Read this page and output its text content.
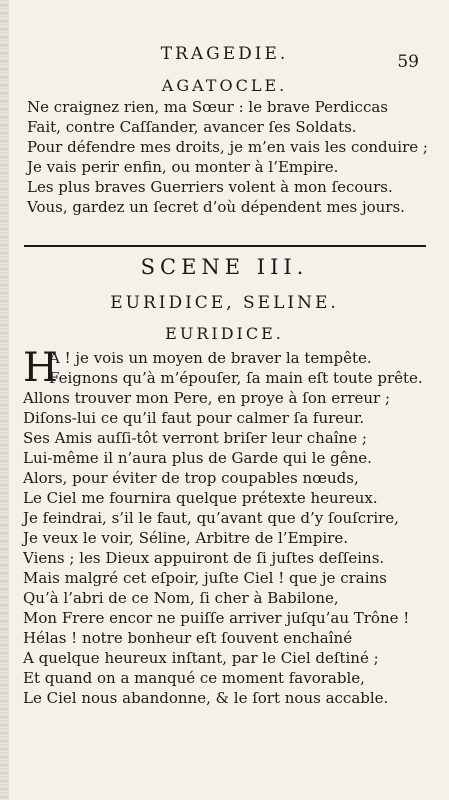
TRAGEDIE.	59
AGATOCLE.
Ne craignez rien, ma Sœur : le brave Perdiccas
Fait, contre Caſſander, avancer ſes Soldats.
Pour défendre mes droits, je m’en vais les conduire ;
Je vais perir enfin, ou monter à l’Empire.
Les plus braves Guerriers volent à mon ſecours.
Vous, gardez un ſecret d’où dépendent mes jours.
SCENE III.
EURIDICE, SELINE.
EURIDICE.
H
A ! je vois un moyen de braver la tempête.
Feignons qu’à m’épouſer, ſa main eſt toute prête.
Allons trouver mon Pere, en proye à ſon erreur ;
Diſons-lui ce qu’il faut pour calmer ſa fureur.
Ses Amis auſſi-tôt verront briſer leur chaîne ;
Lui-même il n’aura plus de Garde qui le gêne.
Alors, pour éviter de trop coupables nœuds,
Le Ciel me fournira quelque prétexte heureux.
Je feindrai, s’il le faut, qu’avant que d’y ſouſcrire,
Je veux le voir, Séline, Arbitre de l’Empire.
Viens ; les Dieux appuiront de ſi juſtes deſſeins.
Mais malgré cet eſpoir, juſte Ciel ! que je crains
Qu’à l’abri de ce Nom, ſi cher à Babilone,
Mon Frere encor ne puiſſe arriver juſqu’au Trône !
Hélas ! notre bonheur eſt ſouvent enchaîné
A quelque heureux inſtant, par le Ciel deſtiné ;
Et quand on a manqué ce moment favorable,
Le Ciel nous abandonne, & le ſort nous accable.
